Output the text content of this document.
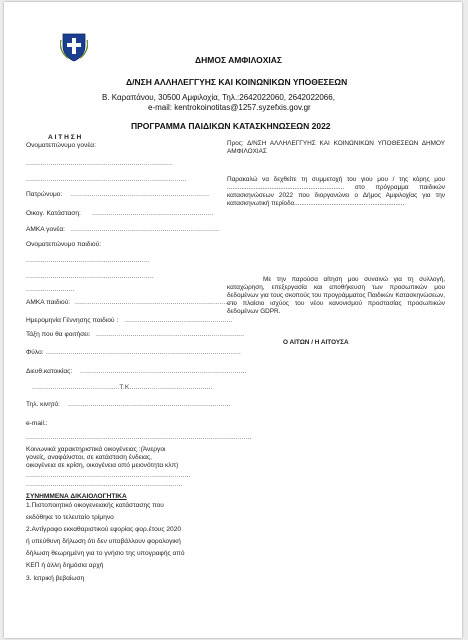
ΔΗΜΟΣ ΑΜΦΙΛΟΧΙΑΣ
Δ/ΝΣΗ ΑΛΛΗΛΕΓΓΥΗΣ ΚΑΙ ΚΟΙΝΩΝΙΚΩΝ ΥΠΟΘΕΣΕΩΝ
Β. Καραπάνου, 30500 Αμφιλοχία, Τηλ.:2642022060, 2642022066,
e-mail: kentrokoinotitas@1257.syzefxis.gov.gr
ΠΡΟΓΡΑΜΜΑ ΠΑΙΔΙΚΩΝ ΚΑΤΑΣΚΗΝΩΣΕΩΝ 2022
Α Ι Τ Η Σ Η
Ονοματεπώνυμο γονέα:
........................................................................
...............................................................................
Πατρώνυμο: ....................................................................
Οικογ. Κατάσταση: ............................................................
ΑΜΚΑ γονέα: .........................................................................
Ονοματεπώνυμο παιδιού:
.............................................................
...............................................................
........................
ΑΜΚΑ παιδιού: ...............................................................................
Ημερομηνία Γέννησης παιδιού : .....................................................
Τάξη που θα φοιτήσει: .........................................................................
Φύλο: ................................................................................................
Διευθ.κατοικίας: ..................................................................................
...........................................Τ.Κ.........................................
Τηλ. κινητό: ................................................................................
e-mail.:
...............................................................................................................
Κοινωνικά χαρακτηριστικά οικογένειας :(Άνεργοι
γονείς, αναφάλιστοι, σε κατάσταση ένδειας,
οικογένεια σε κρίση, οικογένεια από μειονότητα κλπ)
.................................................................................
.............................................................................
ΣΥΝΗΜΜΕΝΑ ΔΙΚΑΙΟΛΟΓΗΤΙΚΑ
1.Πιστοποιητικό οικογενειακής κατάστασης που
εκδόθηκε το τελευταίο τρίμηνο
2.Αντίγραφο εκκαθαριστικού εφορίας φορ.έτους 2020
ή υπεύθυνη δήλωση ότι δεν υποβάλλουν φορολογική
δήλωση θεωρημένη για το γνήσιο της υπογραφής από
ΚΕΠ ή άλλη δημόσια αρχή
3. Ιατρική βεβαίωση
Προς: Δ/ΝΣΗ ΑΛΛΗΛΕΓΓΥΗΣ ΚΑΙ ΚΟΙΝΩΝΙΚΩΝ ΥΠΟΘΕΣΕΩΝ ΔΗΜΟΥ ΑΜΦΙΛΟΧΙΑΣ
Παρακαλώ να δεχθείτε τη συμμετοχή του γιου μου / της κόρης μου .................................................................. στο πρόγραμμα παιδικών κατασκηνώσεων 2022 που διοργανώνει ο Δήμος Αμφιλοχίας για την κατασκηνωτική περίοδο......................................... ....................
Με την παρούσα αίτηση μου συναινώ για τη συλλογή, καταχώρηση, επεξεργασία και αποθήκευση των προσωπικών μου δεδομένων για τους σκοπούς του προγράμματος Παιδικών Κατασκηνώσεων, στο πλαίσιο ισχύος του νέου κανονισμού προστασίας προσωπικών δεδομένων GDPR.
Ο ΑΙΤΩΝ / Η ΑΙΤΟΥΣΑ
